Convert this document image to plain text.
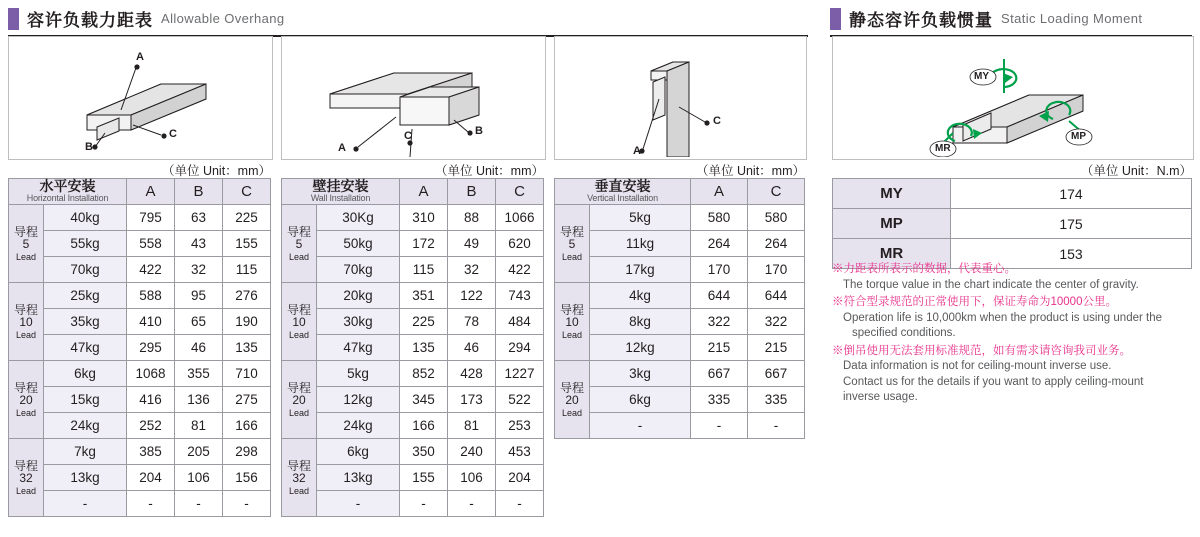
容许负载力距表 Allowable Overhang	静态容许负载惯量 Static Loading Moment
A
B
C
A
B
C
A
C
MY
MP
MR
（单位 Unit：mm）	（单位 Unit：mm）	（单位 Unit：mm）	（单位 Unit：N.m）
水平安装
Horizontal Installation		A	B	C
导程
5
Lead	40kg	795	63	225
	55kg	558	43	155
	70kg	422	32	115
导程
10
Lead	25kg	588	95	276
	35kg	410	65	190
	47kg	295	46	135
导程
20
Lead	6kg	1068	355	710
	15kg	416	136	275
	24kg	252	81	166
导程
32
Lead	7kg	385	205	298
	13kg	204	106	156
	-	-	-	-
壁挂安装
Wall Installation		A	B	C
导程
5
Lead	30Kg	310	88	1066
	50kg	172	49	620
	70kg	115	32	422
导程
10
Lead	20kg	351	122	743
	30kg	225	78	484
	47kg	135	46	294
导程
20
Lead	5kg	852	428	1227
	12kg	345	173	522
	24kg	166	81	253
导程
32
Lead	6kg	350	240	453
	13kg	155	106	204
	-	-	-	-
垂直安装
Vertical Installation		A	C
导程
5
Lead	5kg	580	580
	11kg	264	264
	17kg	170	170
导程
10
Lead	4kg	644	644
	8kg	322	322
	12kg	215	215
导程
20
Lead	3kg	667	667
	6kg	335	335
	-	-	-
MY	174
MP	175
MR	153
※力距表所表示的数据，代表重心。
The torque value in the chart indicate the center of gravity.
※符合型录规范的正常使用下，保证寿命为10000公里。
Operation life is 10,000km when the product is using under the
specified conditions.
※倒吊使用无法套用标准规范，如有需求请咨询我司业务。
Data information is not for ceiling-mount inverse use.
Contact us for the details if you want to apply ceiling-mount
inverse usage.
